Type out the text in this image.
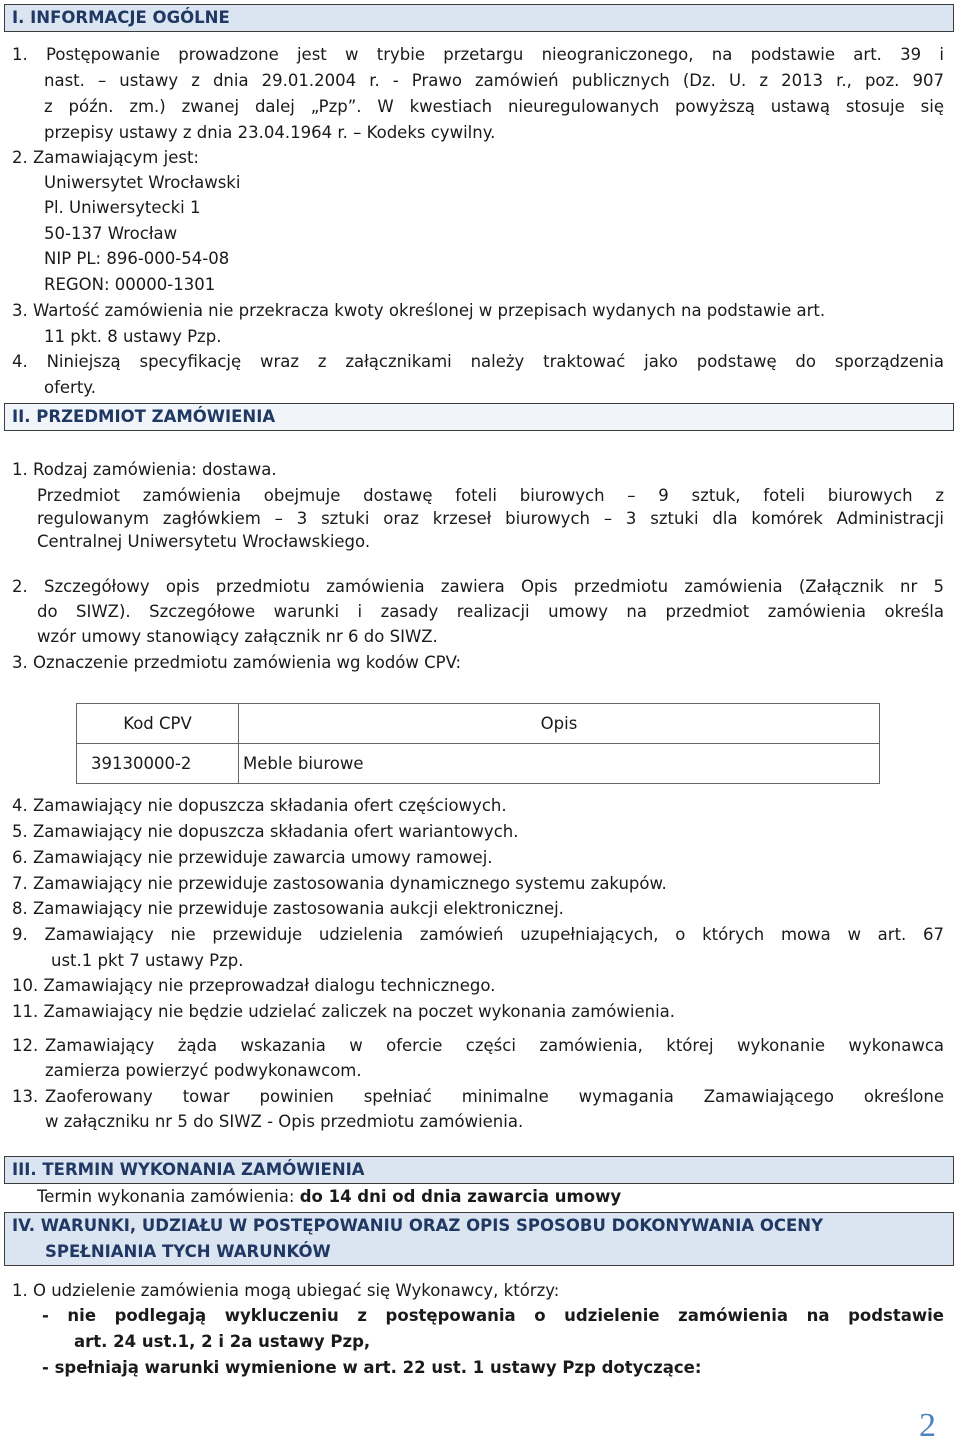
I. INFORMACJE OGÓLNE
1. Postępowanie prowadzone jest w trybie przetargu nieograniczonego, na podstawie art. 39 i
nast. – ustawy z dnia 29.01.2004 r. - Prawo zamówień publicznych (Dz. U. z 2013 r., poz. 907
z późn. zm.) zwanej dalej „Pzp”. W kwestiach nieuregulowanych powyższą ustawą stosuje się
przepisy ustawy z dnia 23.04.1964 r. – Kodeks cywilny.
2. Zamawiającym jest:
Uniwersytet Wrocławski
Pl. Uniwersytecki 1
50-137 Wrocław
NIP PL: 896-000-54-08
REGON: 00000-1301
3. Wartość zamówienia nie przekracza kwoty określonej w przepisach wydanych na podstawie art.
11 pkt. 8 ustawy Pzp.
4. Niniejszą specyfikację wraz z załącznikami należy traktować jako podstawę do sporządzenia
oferty.
II. PRZEDMIOT ZAMÓWIENIA
1. Rodzaj zamówienia: dostawa.
Przedmiot zamówienia obejmuje dostawę foteli biurowych – 9 sztuk, foteli biurowych z
regulowanym zagłówkiem – 3 sztuki oraz krzeseł biurowych – 3 sztuki dla komórek Administracji
Centralnej Uniwersytetu Wrocławskiego.
2. Szczegółowy opis przedmiotu zamówienia zawiera Opis przedmiotu zamówienia (Załącznik nr 5
do SIWZ). Szczegółowe warunki i zasady realizacji umowy na przedmiot zamówienia określa
wzór umowy stanowiący załącznik nr 6 do SIWZ.
3. Oznaczenie przedmiotu zamówienia wg kodów CPV:
Kod CPV	Opis
39130000-2	Meble biurowe
4. Zamawiający nie dopuszcza składania ofert częściowych.
5. Zamawiający nie dopuszcza składania ofert wariantowych.
6. Zamawiający nie przewiduje zawarcia umowy ramowej.
7. Zamawiający nie przewiduje zastosowania dynamicznego systemu zakupów.
8. Zamawiający nie przewiduje zastosowania aukcji elektronicznej.
9. Zamawiający nie przewiduje udzielenia zamówień uzupełniających, o których mowa w art. 67
ust.1 pkt 7 ustawy Pzp.
10. Zamawiający nie przeprowadzał dialogu technicznego.
11. Zamawiający nie będzie udzielać zaliczek na poczet wykonania zamówienia.
12. Zamawiający żąda wskazania w ofercie części zamówienia, której wykonanie wykonawca
zamierza powierzyć podwykonawcom.
13. Zaoferowany towar powinien spełniać minimalne wymagania Zamawiającego określone
w załączniku nr 5 do SIWZ - Opis przedmiotu zamówienia.
III. TERMIN WYKONANIA ZAMÓWIENIA
Termin wykonania zamówienia: do 14 dni od dnia zawarcia umowy
IV. WARUNKI, UDZIAŁU W POSTĘPOWANIU ORAZ OPIS SPOSOBU DOKONYWANIA OCENY
SPEŁNIANIA TYCH WARUNKÓW
1. O udzielenie zamówienia mogą ubiegać się Wykonawcy, którzy:
- nie podlegają wykluczeniu z postępowania o udzielenie zamówienia na podstawie
art. 24 ust.1, 2 i 2a ustawy Pzp,
- spełniają warunki wymienione w art. 22 ust. 1 ustawy Pzp dotyczące:
2
